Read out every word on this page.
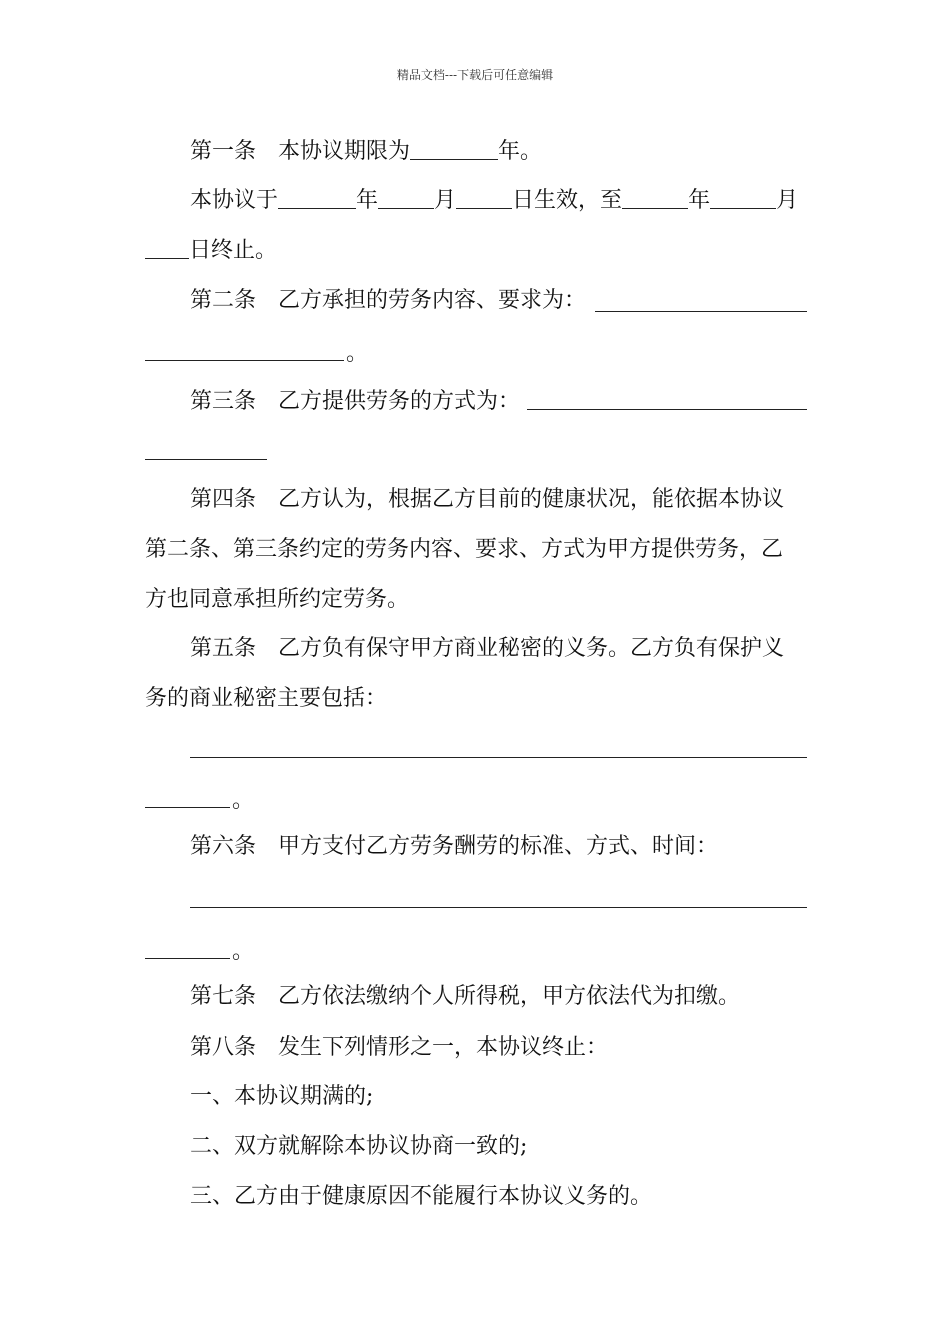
精品文档---下载后可任意编辑
第一条 本协议期限为	年。
本协议于	年	月	日生效，至	年	月
日终止。
第二条 乙方承担的劳务内容、要求为：
。
第三条 乙方提供劳务的方式为：
第四条 乙方认为，根据乙方目前的健康状况，能依据本协议
第二条、第三条约定的劳务内容、要求、方式为甲方提供劳务，乙
方也同意承担所约定劳务。
第五条 乙方负有保守甲方商业秘密的义务。乙方负有保护义
务的商业秘密主要包括：
。
第六条 甲方支付乙方劳务酬劳的标准、方式、时间：
。
第七条 乙方依法缴纳个人所得税，甲方依法代为扣缴。
第八条 发生下列情形之一，本协议终止：
一、本协议期满的;
二、双方就解除本协议协商一致的;
三、乙方由于健康原因不能履行本协议义务的。
